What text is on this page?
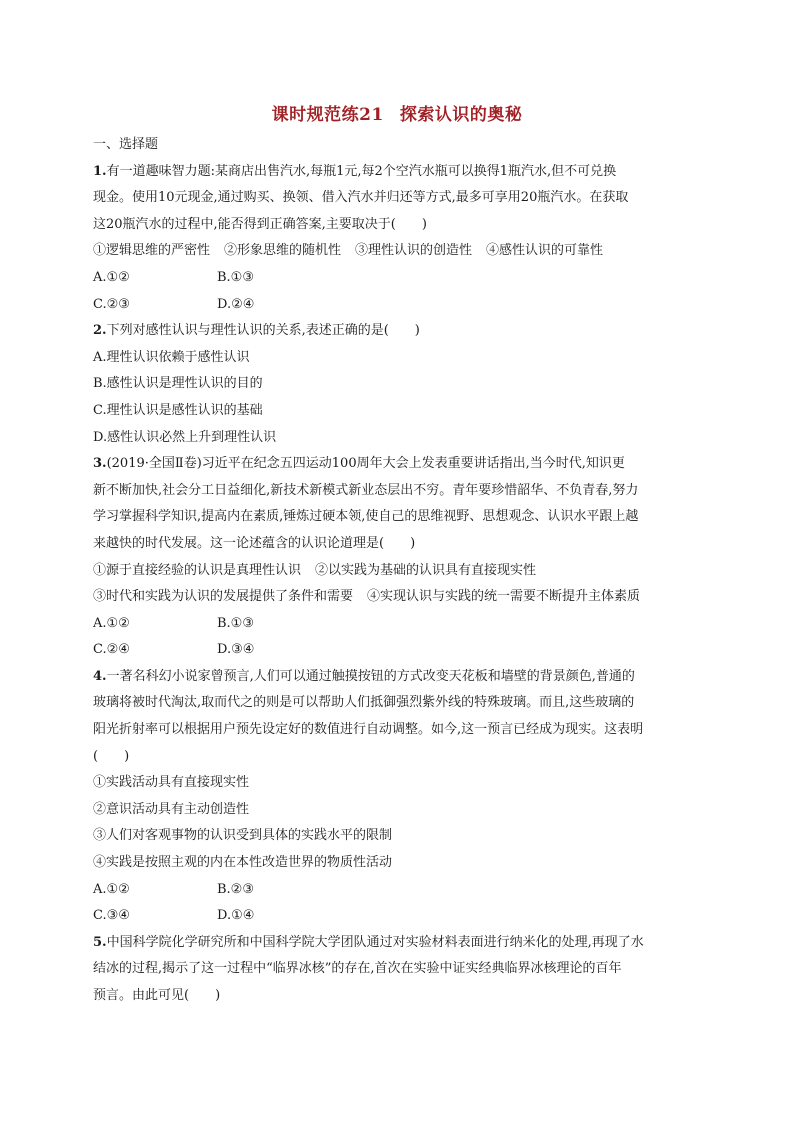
课时规范练21 探索认识的奥秘
一、选择题
1.有一道趣味智力题:某商店出售汽水,每瓶1元,每2个空汽水瓶可以换得1瓶汽水,但不可兑换
现金。使用10元现金,通过购买、换领、借入汽水并归还等方式,最多可享用20瓶汽水。在获取
这20瓶汽水的过程中,能否得到正确答案,主要取决于(　　)
①逻辑思维的严密性 ②形象思维的随机性 ③理性认识的创造性 ④感性认识的可靠性
A.①②	B.①③
C.②③	D.②④
2.下列对感性认识与理性认识的关系,表述正确的是(　　)
A.理性认识依赖于感性认识
B.感性认识是理性认识的目的
C.理性认识是感性认识的基础
D.感性认识必然上升到理性认识
3.(2019·全国Ⅱ卷)习近平在纪念五四运动100周年大会上发表重要讲话指出,当今时代,知识更
新不断加快,社会分工日益细化,新技术新模式新业态层出不穷。青年要珍惜韶华、不负青春,努力
学习掌握科学知识,提高内在素质,锤炼过硬本领,使自己的思维视野、思想观念、认识水平跟上越
来越快的时代发展。这一论述蕴含的认识论道理是(　　)
①源于直接经验的认识是真理性认识 ②以实践为基础的认识具有直接现实性
③时代和实践为认识的发展提供了条件和需要 ④实现认识与实践的统一需要不断提升主体素质
A.①②	B.①③
C.②④	D.③④
4.一著名科幻小说家曾预言,人们可以通过触摸按钮的方式改变天花板和墙壁的背景颜色,普通的
玻璃将被时代淘汰,取而代之的则是可以帮助人们抵御强烈紫外线的特殊玻璃。而且,这些玻璃的
阳光折射率可以根据用户预先设定好的数值进行自动调整。如今,这一预言已经成为现实。这表明
(　　)
①实践活动具有直接现实性
②意识活动具有主动创造性
③人们对客观事物的认识受到具体的实践水平的限制
④实践是按照主观的内在本性改造世界的物质性活动
A.①②	B.②③
C.③④	D.①④
5.中国科学院化学研究所和中国科学院大学团队通过对实验材料表面进行纳米化的处理,再现了水
结冰的过程,揭示了这一过程中“临界冰核”的存在,首次在实验中证实经典临界冰核理论的百年
预言。由此可见(　　)
